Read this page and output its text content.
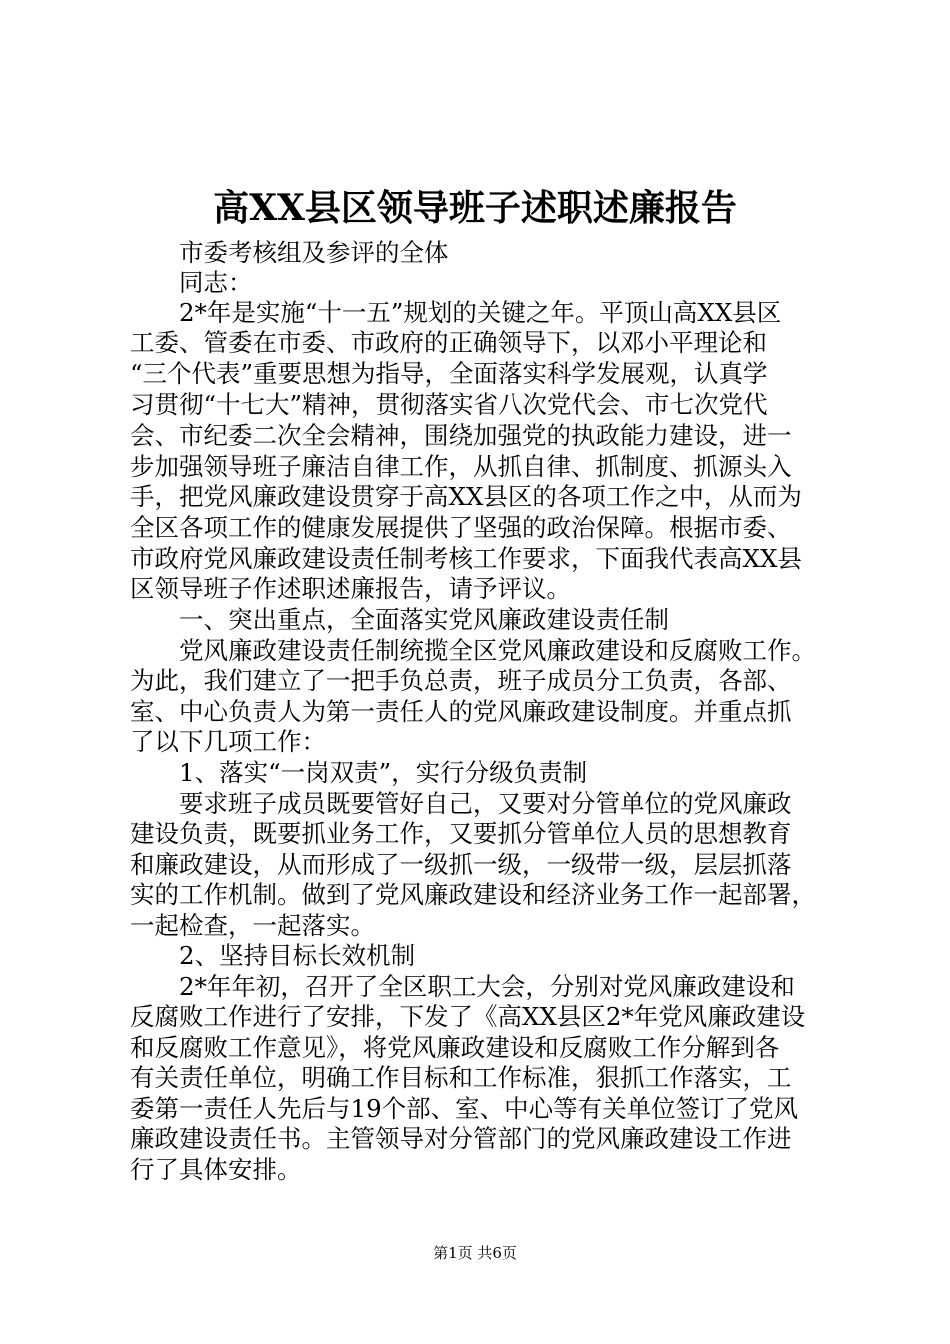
高XX县区领导班子述职述廉报告
　　市委考核组及参评的全体
　　同志：
　　2*年是实施“十一五”规划的关键之年。平顶山高XX县区
工委、管委在市委、市政府的正确领导下，以邓小平理论和
“三个代表”重要思想为指导，全面落实科学发展观，认真学
习贯彻“十七大”精神，贯彻落实省八次党代会、市七次党代
会、市纪委二次全会精神，围绕加强党的执政能力建设，进一
步加强领导班子廉洁自律工作，从抓自律、抓制度、抓源头入
手，把党风廉政建设贯穿于高XX县区的各项工作之中，从而为
全区各项工作的健康发展提供了坚强的政治保障。根据市委、
市政府党风廉政建设责任制考核工作要求，下面我代表高XX县
区领导班子作述职述廉报告，请予评议。
　　一、突出重点，全面落实党风廉政建设责任制
　　党风廉政建设责任制统揽全区党风廉政建设和反腐败工作。
为此，我们建立了一把手负总责，班子成员分工负责，各部、
室、中心负责人为第一责任人的党风廉政建设制度。并重点抓
了以下几项工作：
　　1、落实“一岗双责”，实行分级负责制
　　要求班子成员既要管好自己，又要对分管单位的党风廉政
建设负责，既要抓业务工作，又要抓分管单位人员的思想教育
和廉政建设，从而形成了一级抓一级，一级带一级，层层抓落
实的工作机制。做到了党风廉政建设和经济业务工作一起部署，
一起检查，一起落实。
　　2、坚持目标长效机制
　　2*年年初，召开了全区职工大会，分别对党风廉政建设和
反腐败工作进行了安排，下发了《高XX县区2*年党风廉政建设
和反腐败工作意见》，将党风廉政建设和反腐败工作分解到各
有关责任单位，明确工作目标和工作标准，狠抓工作落实，工
委第一责任人先后与19个部、室、中心等有关单位签订了党风
廉政建设责任书。主管领导对分管部门的党风廉政建设工作进
行了具体安排。
第1页 共6页
